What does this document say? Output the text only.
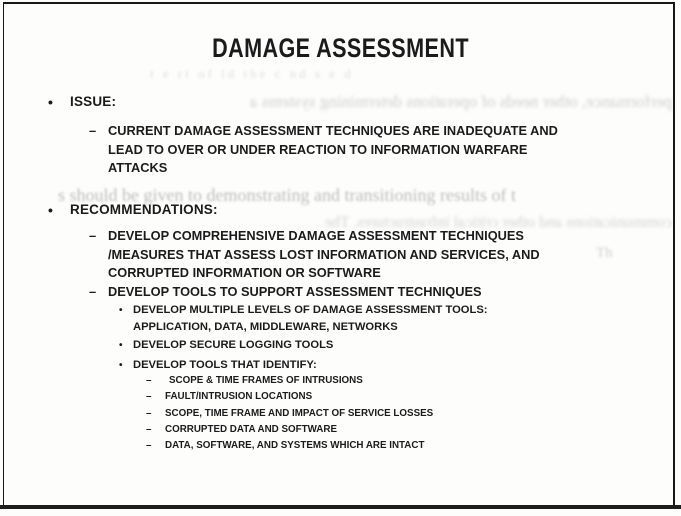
t e rt of ld the c nd s e d
performance, other needs of operations determining systems a
s should be given to demonstrating and transitioning results of t
communications and other critical infrastructures. The
Th
DAMAGE ASSESSMENT
•	ISSUE:
– CURRENT DAMAGE ASSESSMENT TECHNIQUES ARE INADEQUATE AND
LEAD TO OVER OR UNDER REACTION TO INFORMATION WARFARE
ATTACKS
•	RECOMMENDATIONS:
– DEVELOP COMPREHENSIVE DAMAGE ASSESSMENT TECHNIQUES
/MEASURES THAT ASSESS LOST INFORMATION AND SERVICES, AND
CORRUPTED INFORMATION OR SOFTWARE
– DEVELOP TOOLS TO SUPPORT ASSESSMENT TECHNIQUES
• DEVELOP MULTIPLE LEVELS OF DAMAGE ASSESSMENT TOOLS:
APPLICATION, DATA, MIDDLEWARE, NETWORKS
• DEVELOP SECURE LOGGING TOOLS
• DEVELOP TOOLS THAT IDENTIFY:
–	SCOPE & TIME FRAMES OF INTRUSIONS
–	FAULT/INTRUSION LOCATIONS
–	SCOPE, TIME FRAME AND IMPACT OF SERVICE LOSSES
–	CORRUPTED DATA AND SOFTWARE
–	DATA, SOFTWARE, AND SYSTEMS WHICH ARE INTACT
